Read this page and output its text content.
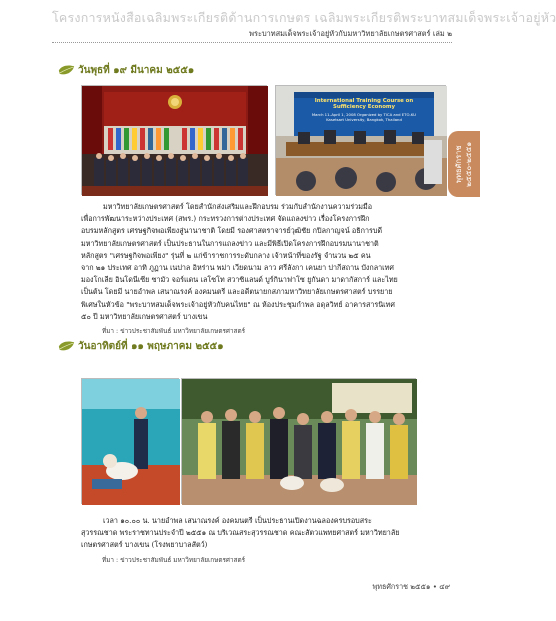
โครงการหนังสือเฉลิมพระเกียรติด้านการเกษตร เฉลิมพระเกียรติพระบาทสมเด็จพระเจ้าอยู่หัว
พระบาทสมเด็จพระเจ้าอยู่หัวกับมหาวิทยาลัยเกษตรศาสตร์ เล่ม ๒
พุทธศักราช ๒๕๕๐-๒๕๕๑
วันพุธที่ ๑๙ มีนาคม ๒๕๕๑
International Training Course on Sufficiency Economy
March 11–April 1, 2008 Organized by TICA and ETO-KU Kasetsart University, Bangkok, Thailand
มหาวิทยาลัยเกษตรศาสตร์ โดยสำนักส่งเสริมและฝึกอบรม ร่วมกับสำนักงานความร่วมมือ
เพื่อการพัฒนาระหว่างประเทศ (สพร.) กระทรวงการต่างประเทศ จัดแถลงข่าว เรื่องโครงการฝึก
อบรมหลักสูตร เศรษฐกิจพอเพียงสู่นานาชาติ โดยมี รองศาสตราจารย์วุฒิชัย กปิลกาญจน์ อธิการบดี
มหาวิทยาลัยเกษตรศาสตร์ เป็นประธานในการแถลงข่าว และมีพิธีเปิดโครงการฝึกอบรมนานาชาติ
หลักสูตร "เศรษฐกิจพอเพียง" รุ่นที่ ๒ แก่ข้าราชการระดับกลาง เจ้าหน้าที่ของรัฐ จำนวน ๒๕ คน
จาก ๒๑ ประเทศ อาทิ ภูฏาน เนปาล อิหร่าน พม่า เวียดนาม ลาว ศรีลังกา เคนยา ปากีสถาน บังกลาเทศ
มองโกเลีย อินโดนีเซีย ซามัว จอร์แดน เลโซโท สวาซิแลนด์ บูร์กินาฟาโซ ยูกันดา มาดากัสการ์ และไทย
เป็นต้น โดยมี นายอำพล เสนาณรงค์ องคมนตรี และอดีตนายกสภามหาวิทยาลัยเกษตรศาสตร์ บรรยาย
พิเศษในหัวข้อ "พระบาทสมเด็จพระเจ้าอยู่หัวกับคนไทย" ณ ห้องประชุมกำพล อดุลวิทย์ อาคารสารนิเทศ
๕๐ ปี มหาวิทยาลัยเกษตรศาสตร์ บางเขน
ที่มา : ข่าวประชาสัมพันธ์ มหาวิทยาลัยเกษตรศาสตร์
วันอาทิตย์ที่ ๑๑ พฤษภาคม ๒๕๕๑
เวลา ๑๐.๐๐ น. นายอำพล เสนาณรงค์ องคมนตรี เป็นประธานเปิดงานฉลองครบรอบสระ
สุวรรณชาด พระราชทานประจำปี ๒๕๕๑ ณ บริเวณสระสุวรรณชาด คณะสัตวแพทยศาสตร์ มหาวิทยาลัย
เกษตรศาสตร์ บางเขน (โรงพยาบาลสัตว์)
ที่มา : ข่าวประชาสัมพันธ์ มหาวิทยาลัยเกษตรศาสตร์
พุทธศักราช ๒๕๕๑ • ๔๙
